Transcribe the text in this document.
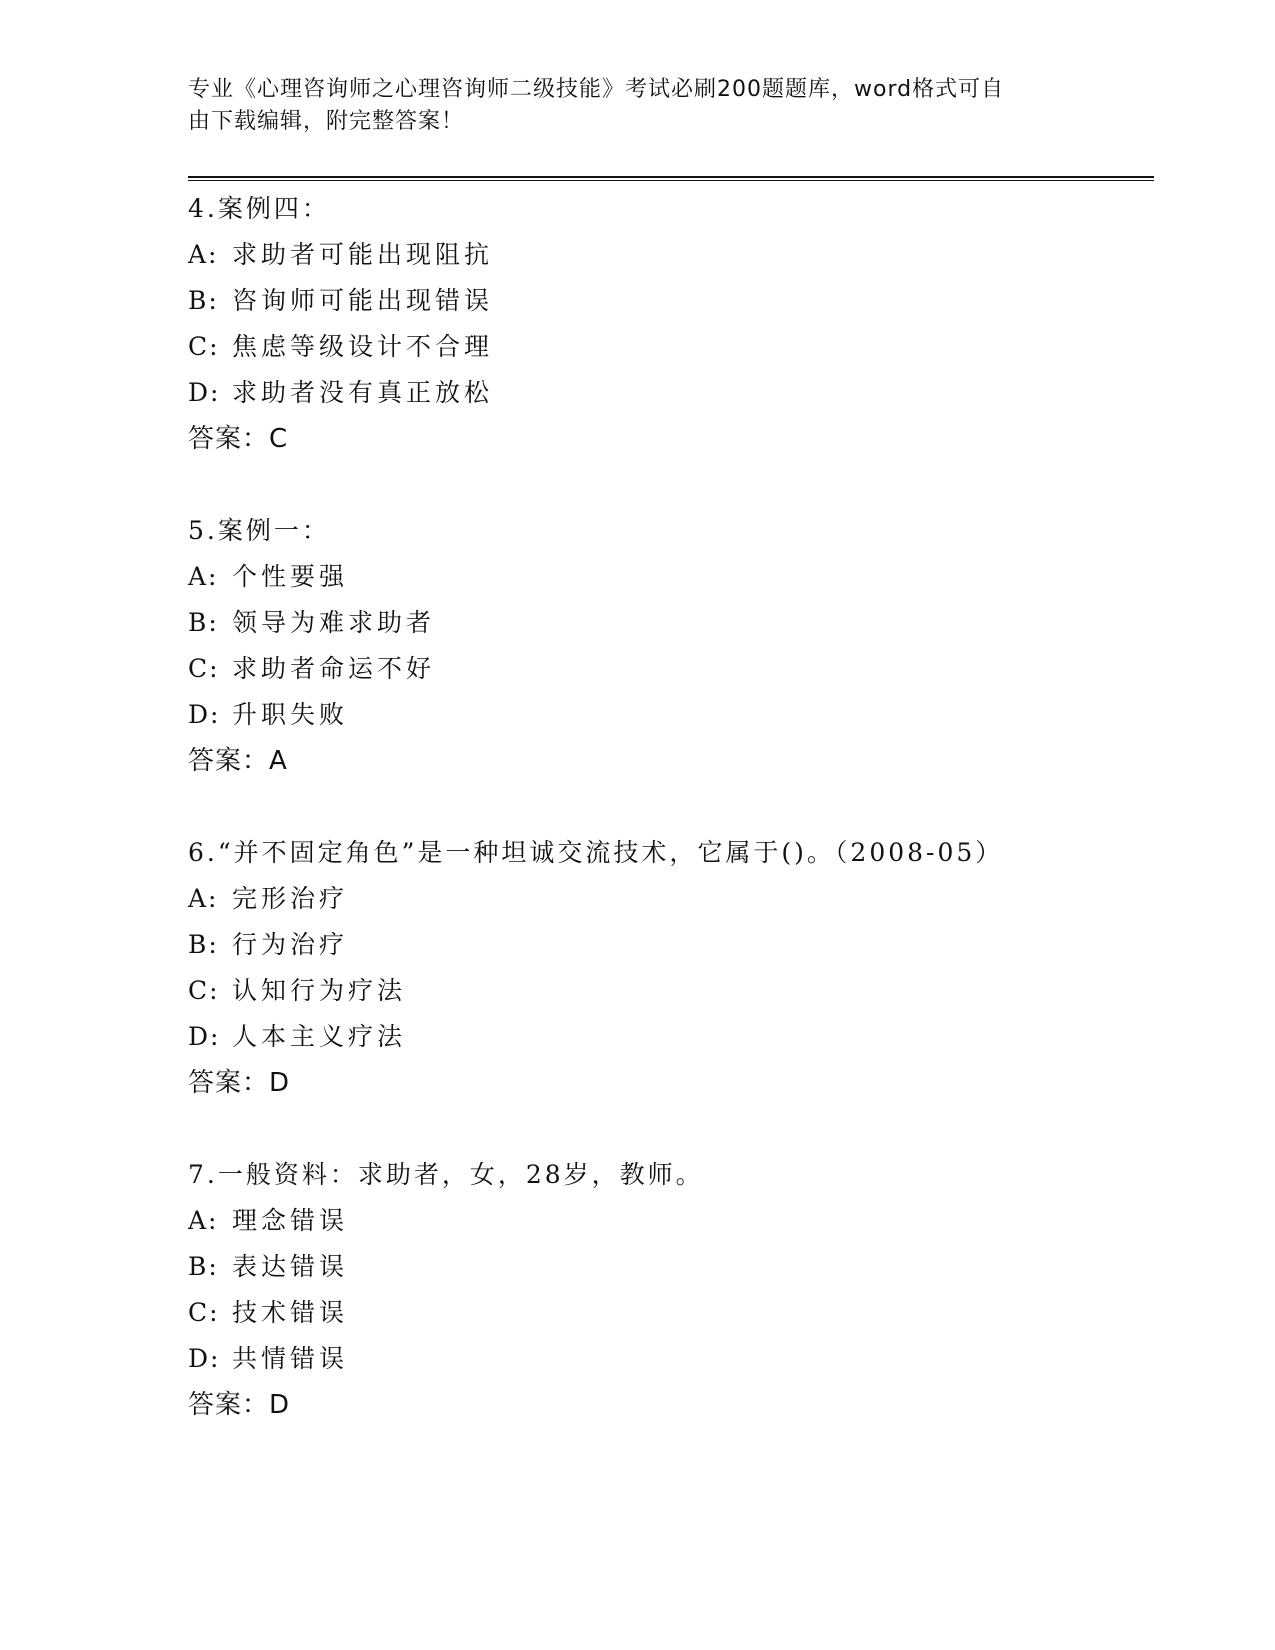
专业《心理咨询师之心理咨询师二级技能》考试必刷200题题库，word格式可自
由下载编辑，附完整答案！
4.案例四：
A: 求助者可能出现阻抗
B: 咨询师可能出现错误
C: 焦虑等级设计不合理
D: 求助者没有真正放松
答案：C
5.案例一：
A: 个性要强
B: 领导为难求助者
C: 求助者命运不好
D: 升职失败
答案：A
6.“并不固定角色”是一种坦诚交流技术，它属于()。（2008-05）
A: 完形治疗
B: 行为治疗
C: 认知行为疗法
D: 人本主义疗法
答案：D
7.一般资料：求助者，女，28岁，教师。
A: 理念错误
B: 表达错误
C: 技术错误
D: 共情错误
答案：D
